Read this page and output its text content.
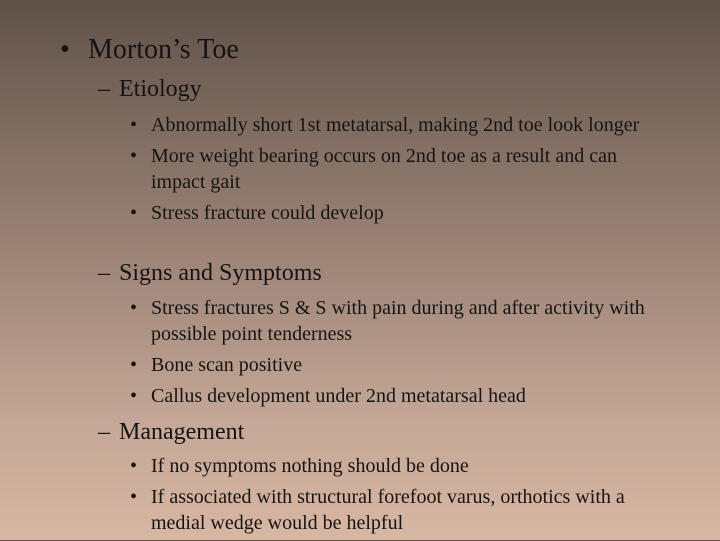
• Morton’s Toe
– Etiology
• Abnormally short 1st metatarsal, making 2nd toe look longer
• More weight bearing occurs on 2nd toe as a result and can impact gait
• Stress fracture could develop
– Signs and Symptoms
• Stress fractures S & S with pain during and after activity with possible point tenderness
• Bone scan positive
• Callus development under 2nd metatarsal head
– Management
• If no symptoms nothing should be done
• If associated with structural forefoot varus, orthotics with a medial wedge would be helpful
